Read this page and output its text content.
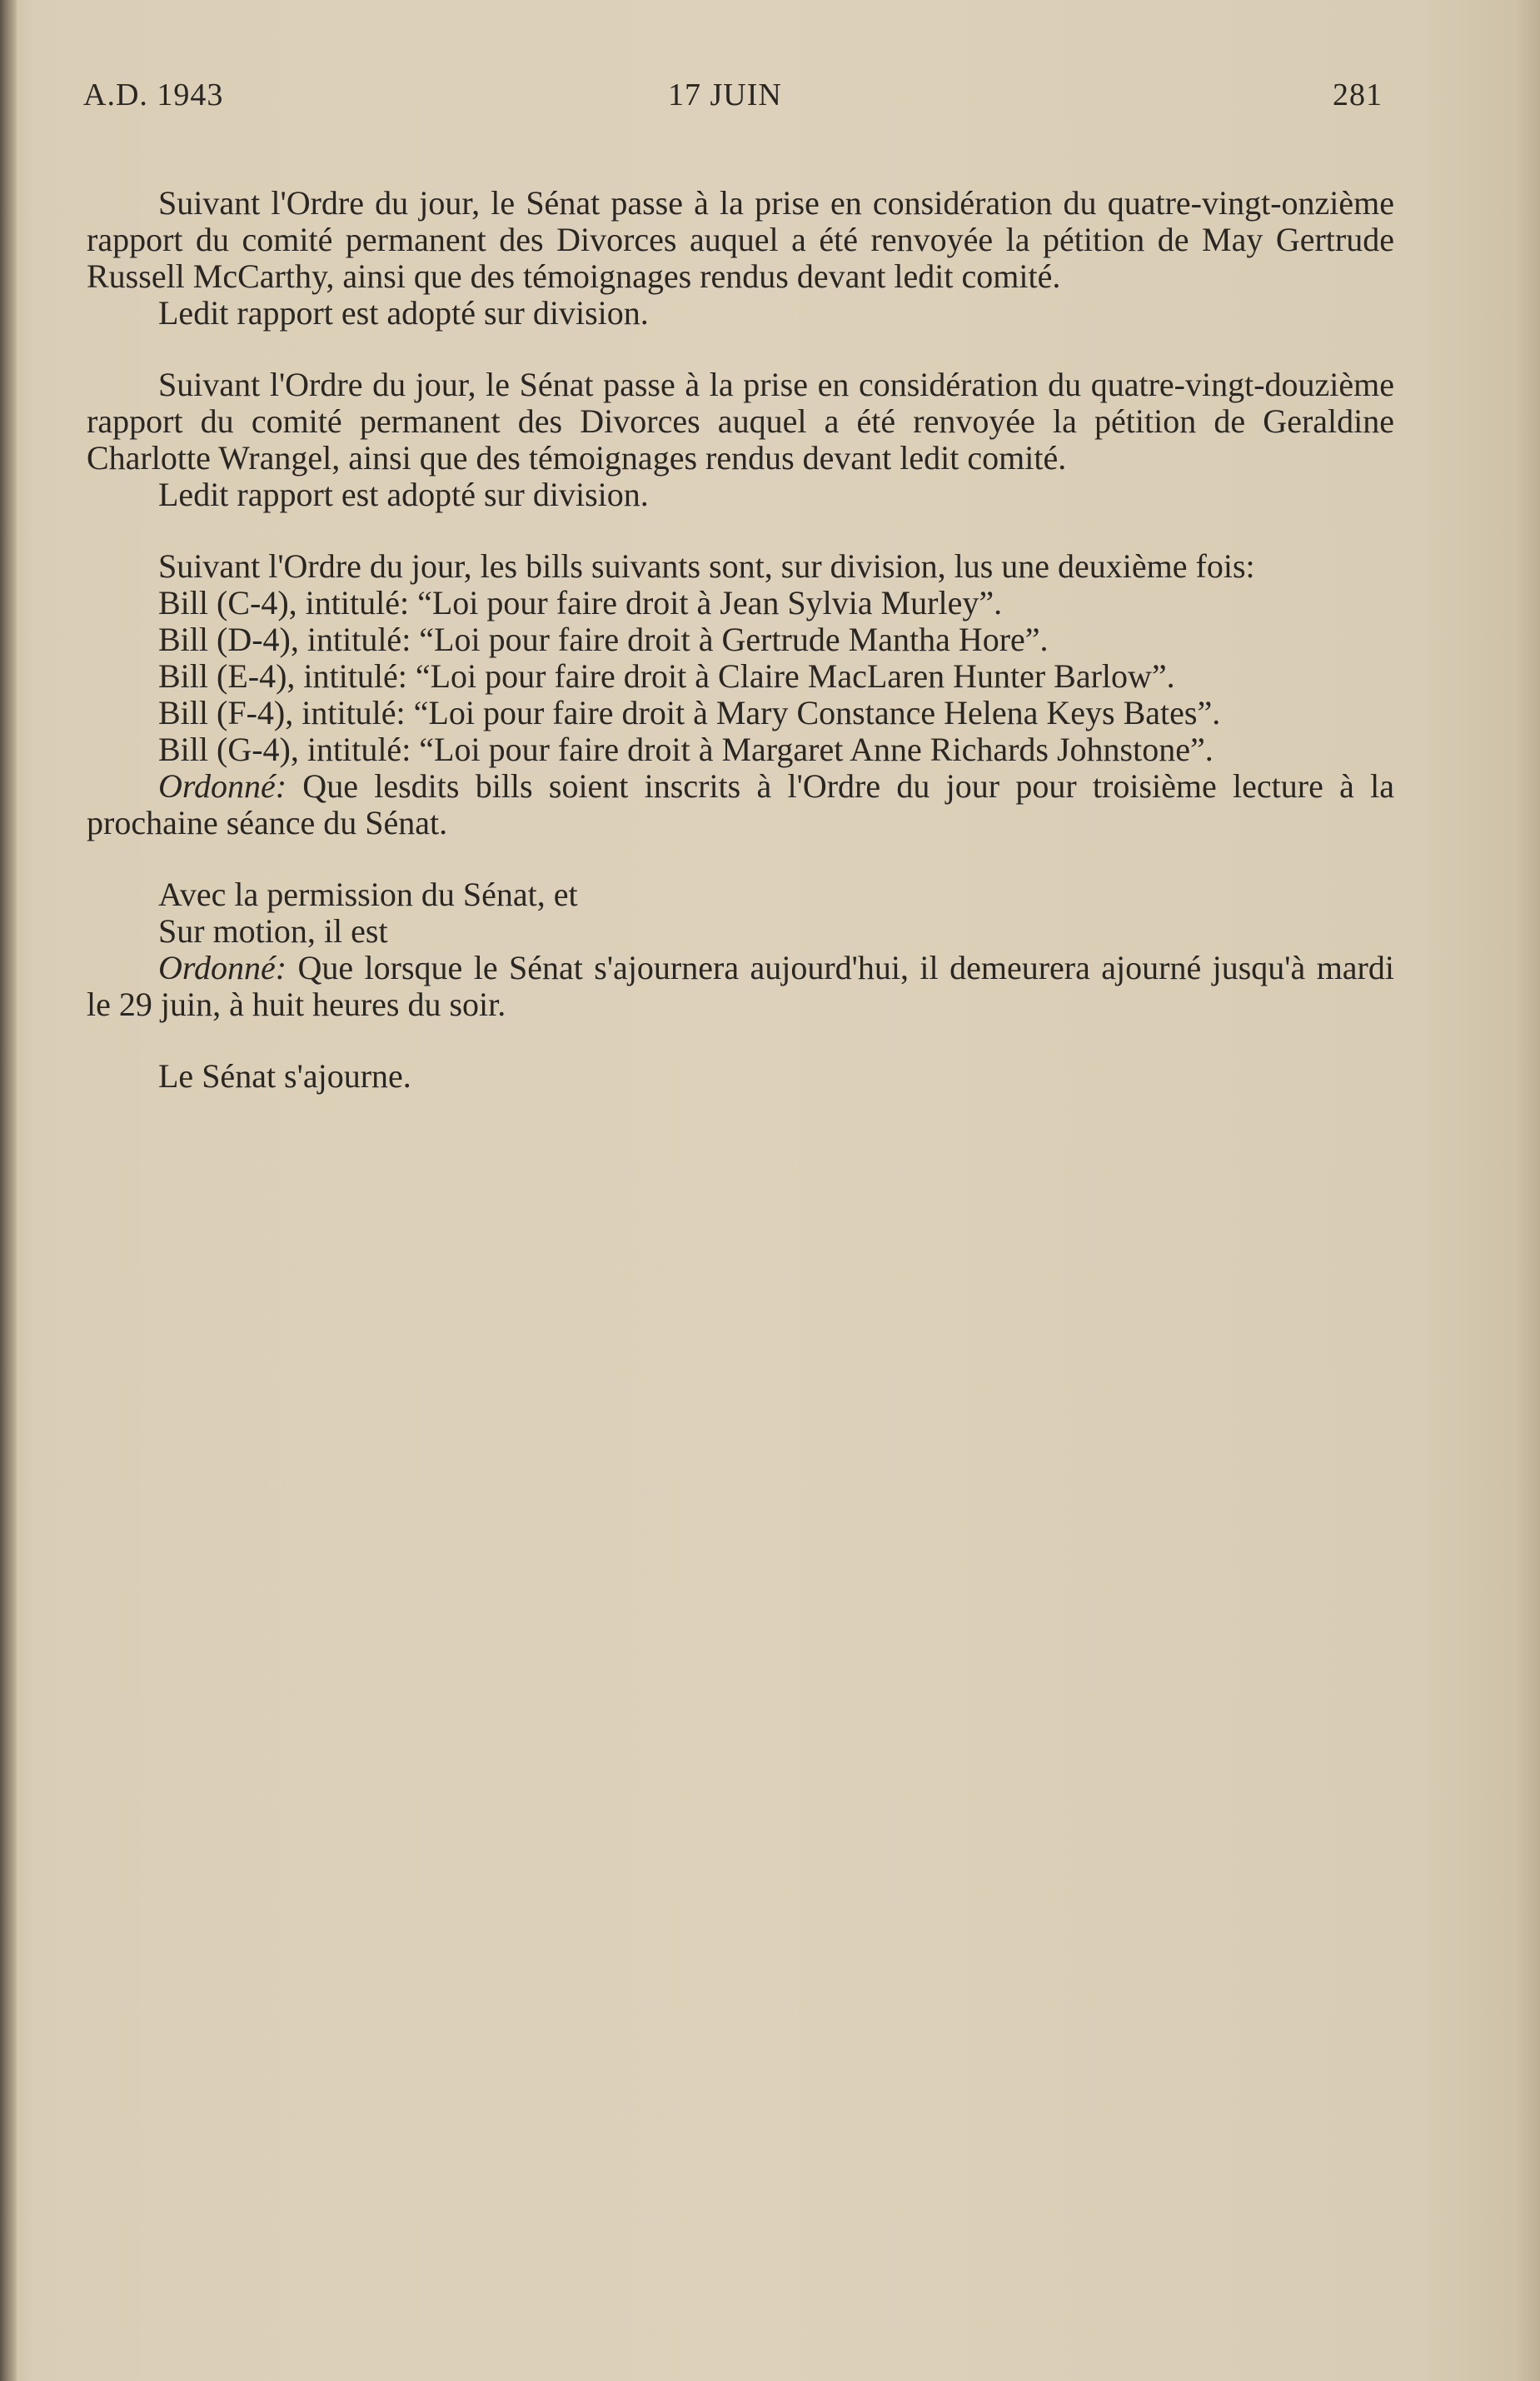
A.D. 1943	17 JUIN	281

Suivant l'Ordre du jour, le Sénat passe à la prise en considération du quatre-vingt-onzième rapport du comité permanent des Divorces auquel a été renvoyée la pétition de May Gertrude Russell McCarthy, ainsi que des témoignages rendus devant ledit comité.

Ledit rapport est adopté sur division.

Suivant l'Ordre du jour, le Sénat passe à la prise en considération du quatre-vingt-douzième rapport du comité permanent des Divorces auquel a été renvoyée la pétition de Geraldine Charlotte Wrangel, ainsi que des témoignages rendus devant ledit comité.

Ledit rapport est adopté sur division.

Suivant l'Ordre du jour, les bills suivants sont, sur division, lus une deuxième fois:

Bill (C-4), intitulé: “Loi pour faire droit à Jean Sylvia Murley”.

Bill (D-4), intitulé: “Loi pour faire droit à Gertrude Mantha Hore”.

Bill (E-4), intitulé: “Loi pour faire droit à Claire MacLaren Hunter Barlow”.

Bill (F-4), intitulé: “Loi pour faire droit à Mary Constance Helena Keys Bates”.

Bill (G-4), intitulé: “Loi pour faire droit à Margaret Anne Richards Johnstone”.

Ordonné: Que lesdits bills soient inscrits à l'Ordre du jour pour troisième lecture à la prochaine séance du Sénat.

Avec la permission du Sénat, et

Sur motion, il est

Ordonné: Que lorsque le Sénat s'ajournera aujourd'hui, il demeurera ajourné jusqu'à mardi le 29 juin, à huit heures du soir.

Le Sénat s'ajourne.
